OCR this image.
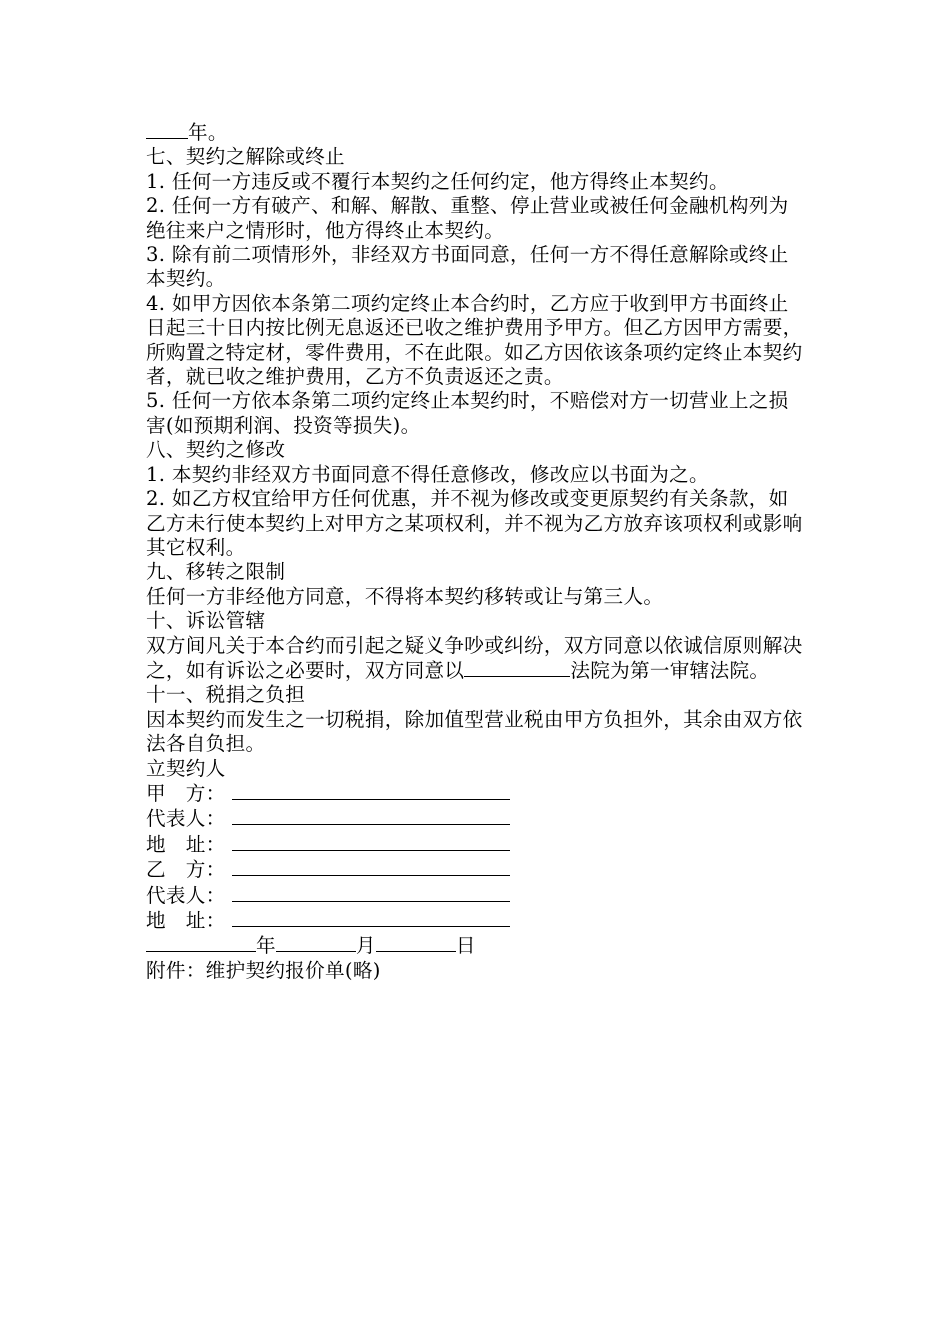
年。
七、契约之解除或终止
1. 任何一方违反或不覆行本契约之任何约定，他方得终止本契约。
2. 任何一方有破产、和解、解散、重整、停止营业或被任何金融机构列为绝往来户之情形时，他方得终止本契约。
3. 除有前二项情形外，非经双方书面同意，任何一方不得任意解除或终止本契约。
4. 如甲方因依本条第二项约定终止本合约时，乙方应于收到甲方书面终止日起三十日内按比例无息返还已收之维护费用予甲方。但乙方因甲方需要，所购置之特定材，零件费用，不在此限。如乙方因依该条项约定终止本契约者，就已收之维护费用，乙方不负责返还之责。
5. 任何一方依本条第二项约定终止本契约时，不赔偿对方一切营业上之损害(如预期利润、投资等损失)。
八、契约之修改
1. 本契约非经双方书面同意不得任意修改，修改应以书面为之。
2. 如乙方权宜给甲方任何优惠，并不视为修改或变更原契约有关条款，如乙方未行使本契约上对甲方之某项权利，并不视为乙方放弃该项权利或影响其它权利。
九、移转之限制
任何一方非经他方同意，不得将本契约移转或让与第三人。
十、诉讼管辖
双方间凡关于本合约而引起之疑义争吵或纠纷，双方同意以依诚信原则解决之，如有诉讼之必要时，双方同意以	法院为第一审辖法院。
十一、税捐之负担
因本契约而发生之一切税捐，除加值型营业税由甲方负担外，其余由双方依法各自负担。
立契约人
甲　方：
代表人：
地　址：
乙　方：
代表人：
地　址：
年	月	日
附件：维护契约报价单(略)
